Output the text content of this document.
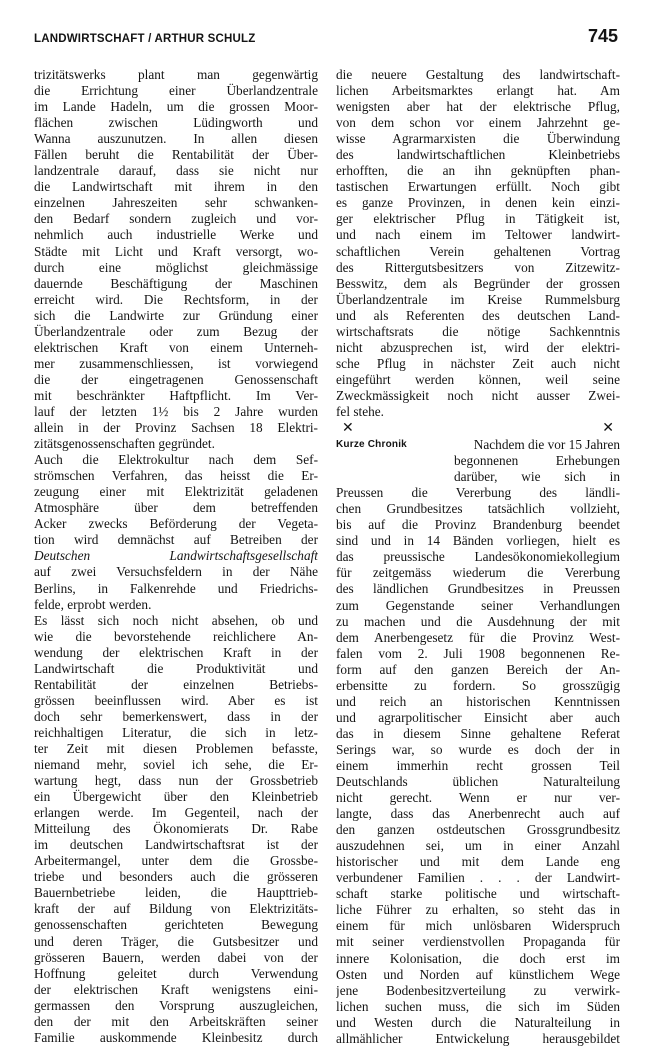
LANDWIRTSCHAFT / ARTHUR SCHULZ	745
trizitätswerks plant man gegenwärtig
die Errichtung einer Überlandzentrale
im Lande Hadeln, um die grossen Moor-
flächen zwischen Lüdingworth und
Wanna auszunutzen. In allen diesen
Fällen beruht die Rentabilität der Über-
landzentrale darauf, dass sie nicht nur
die Landwirtschaft mit ihrem in den
einzelnen Jahreszeiten sehr schwanken-
den Bedarf sondern zugleich und vor-
nehmlich auch industrielle Werke und
Städte mit Licht und Kraft versorgt, wo-
durch eine möglichst gleichmässige
dauernde Beschäftigung der Maschinen
erreicht wird. Die Rechtsform, in der
sich die Landwirte zur Gründung einer
Überlandzentrale oder zum Bezug der
elektrischen Kraft von einem Unterneh-
mer zusammenschliessen, ist vorwiegend
die der eingetragenen Genossenschaft
mit beschränkter Haftpflicht. Im Ver-
lauf der letzten 1½ bis 2 Jahre wurden
allein in der Provinz Sachsen 18 Elektri-
zitätsgenossenschaften gegründet.
Auch die Elektrokultur nach dem Sef-
strömschen Verfahren, das heisst die Er-
zeugung einer mit Elektrizität geladenen
Atmosphäre über dem betreffenden
Acker zwecks Beförderung der Vegeta-
tion wird demnächst auf Betreiben der
Deutschen Landwirtschaftsgesellschaft
auf zwei Versuchsfeldern in der Nähe
Berlins, in Falkenrehde und Friedrichs-
felde, erprobt werden.
Es lässt sich noch nicht absehen, ob und
wie die bevorstehende reichlichere An-
wendung der elektrischen Kraft in der
Landwirtschaft die Produktivität und
Rentabilität der einzelnen Betriebs-
grössen beeinflussen wird. Aber es ist
doch sehr bemerkenswert, dass in der
reichhaltigen Literatur, die sich in letz-
ter Zeit mit diesen Problemen befasste,
niemand mehr, soviel ich sehe, die Er-
wartung hegt, dass nun der Grossbetrieb
ein Übergewicht über den Kleinbetrieb
erlangen werde. Im Gegenteil, nach der
Mitteilung des Ökonomierats Dr. Rabe
im deutschen Landwirtschaftsrat ist der
Arbeitermangel, unter dem die Grossbe-
triebe und besonders auch die grösseren
Bauernbetriebe leiden, die Haupttrieb-
kraft der auf Bildung von Elektrizitäts-
genossenschaften gerichteten Bewegung
und deren Träger, die Gutsbesitzer und
grösseren Bauern, werden dabei von der
Hoffnung geleitet durch Verwendung
der elektrischen Kraft wenigstens eini-
germassen den Vorsprung auszugleichen,
den der mit den Arbeitskräften seiner
Familie auskommende Kleinbesitz durch
die neuere Gestaltung des landwirtschaft-
lichen Arbeitsmarktes erlangt hat. Am
wenigsten aber hat der elektrische Pflug,
von dem schon vor einem Jahrzehnt ge-
wisse Agrarmarxisten die Überwindung
des landwirtschaftlichen Kleinbetriebs
erhofften, die an ihn geknüpften phan-
tastischen Erwartungen erfüllt. Noch gibt
es ganze Provinzen, in denen kein einzi-
ger elektrischer Pflug in Tätigkeit ist,
und nach einem im Teltower landwirt-
schaftlichen Verein gehaltenen Vortrag
des Rittergutsbesitzers von Zitzewitz-
Besswitz, dem als Begründer der grossen
Überlandzentrale im Kreise Rummelsburg
und als Referenten des deutschen Land-
wirtschaftsrats die nötige Sachkenntnis
nicht abzusprechen ist, wird der elektri-
sche Pflug in nächster Zeit auch nicht
eingeführt werden können, weil seine
Zweckmässigkeit noch nicht ausser Zwei-
fel stehe.
✕	✕
Kurze Chronik	Nachdem die vor 15 Jahren
begonnenen Erhebungen
darüber, wie sich in
Preussen die Vererbung des ländli-
chen Grundbesitzes tatsächlich vollzieht,
bis auf die Provinz Brandenburg beendet
sind und in 14 Bänden vorliegen, hielt es
das preussische Landesökonomiekollegium
für zeitgemäss wiederum die Vererbung
des ländlichen Grundbesitzes in Preussen
zum Gegenstande seiner Verhandlungen
zu machen und die Ausdehnung der mit
dem Anerbengesetz für die Provinz West-
falen vom 2. Juli 1908 begonnenen Re-
form auf den ganzen Bereich der An-
erbensitte zu fordern. So grosszügig
und reich an historischen Kenntnissen
und agrarpolitischer Einsicht aber auch
das in diesem Sinne gehaltene Referat
Serings war, so wurde es doch der in
einem immerhin recht grossen Teil
Deutschlands üblichen Naturalteilung
nicht gerecht. Wenn er nur ver-
langte, dass das Anerbenrecht auch auf
den ganzen ostdeutschen Grossgrundbesitz
auszudehnen sei, um in einer Anzahl
historischer und mit dem Lande eng
verbundener Familien . . . der Landwirt-
schaft starke politische und wirtschaft-
liche Führer zu erhalten, so steht das in
einem für mich unlösbaren Widerspruch
mit seiner verdienstvollen Propaganda für
innere Kolonisation, die doch erst im
Osten und Norden auf künstlichem Wege
jene Bodenbesitzverteilung zu verwirk-
lichen suchen muss, die sich im Süden
und Westen durch die Naturalteilung in
allmählicher Entwickelung herausgebildet
